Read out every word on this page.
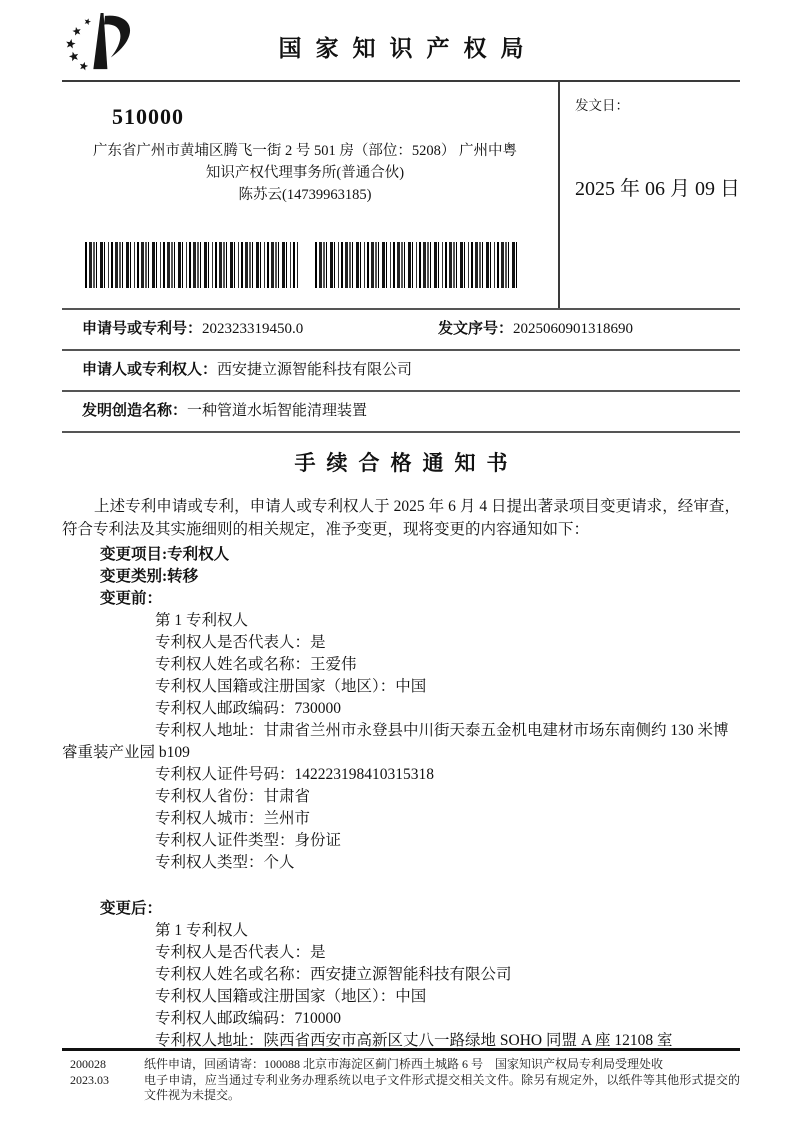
国家知识产权局
510000
广东省广州市黄埔区腾飞一街 2 号 501 房（部位：5208） 广州中粤
知识产权代理事务所(普通合伙)
陈苏云(14739963185)
发文日：
2025 年 06 月 09 日
申请号或专利号：202323319450.0	发文序号：2025060901318690
申请人或专利权人：西安捷立源智能科技有限公司
发明创造名称：一种管道水垢智能清理装置
手续合格通知书

上述专利申请或专利，申请人或专利权人于 2025 年 6 月 4 日提出著录项目变更请求，经审查，符合专利法及其实施细则的相关规定，准予变更，现将变更的内容通知如下：

变更项目:专利权人
变更类别:转移
变更前：
第 1 专利权人
专利权人是否代表人：是
专利权人姓名或名称：王爱伟
专利权人国籍或注册国家（地区）：中国
专利权人邮政编码：730000
专利权人地址：甘肃省兰州市永登县中川街天泰五金机电建材市场东南侧约 130 米博睿重装产业园 b109
专利权人证件号码：142223198410315318
专利权人省份：甘肃省
专利权人城市：兰州市
专利权人证件类型：身份证
专利权人类型：个人
变更后：
第 1 专利权人
专利权人是否代表人：是
专利权人姓名或名称：西安捷立源智能科技有限公司
专利权人国籍或注册国家（地区）：中国
专利权人邮政编码：710000
专利权人地址：陕西省西安市高新区丈八一路绿地 SOHO 同盟 A 座 12108 室
200028
2023.03
纸件申请，回函请寄：100088 北京市海淀区蓟门桥西土城路 6 号　国家知识产权局专利局受理处收
电子申请，应当通过专利业务办理系统以电子文件形式提交相关文件。除另有规定外，以纸件等其他形式提交的文件视为未提交。
